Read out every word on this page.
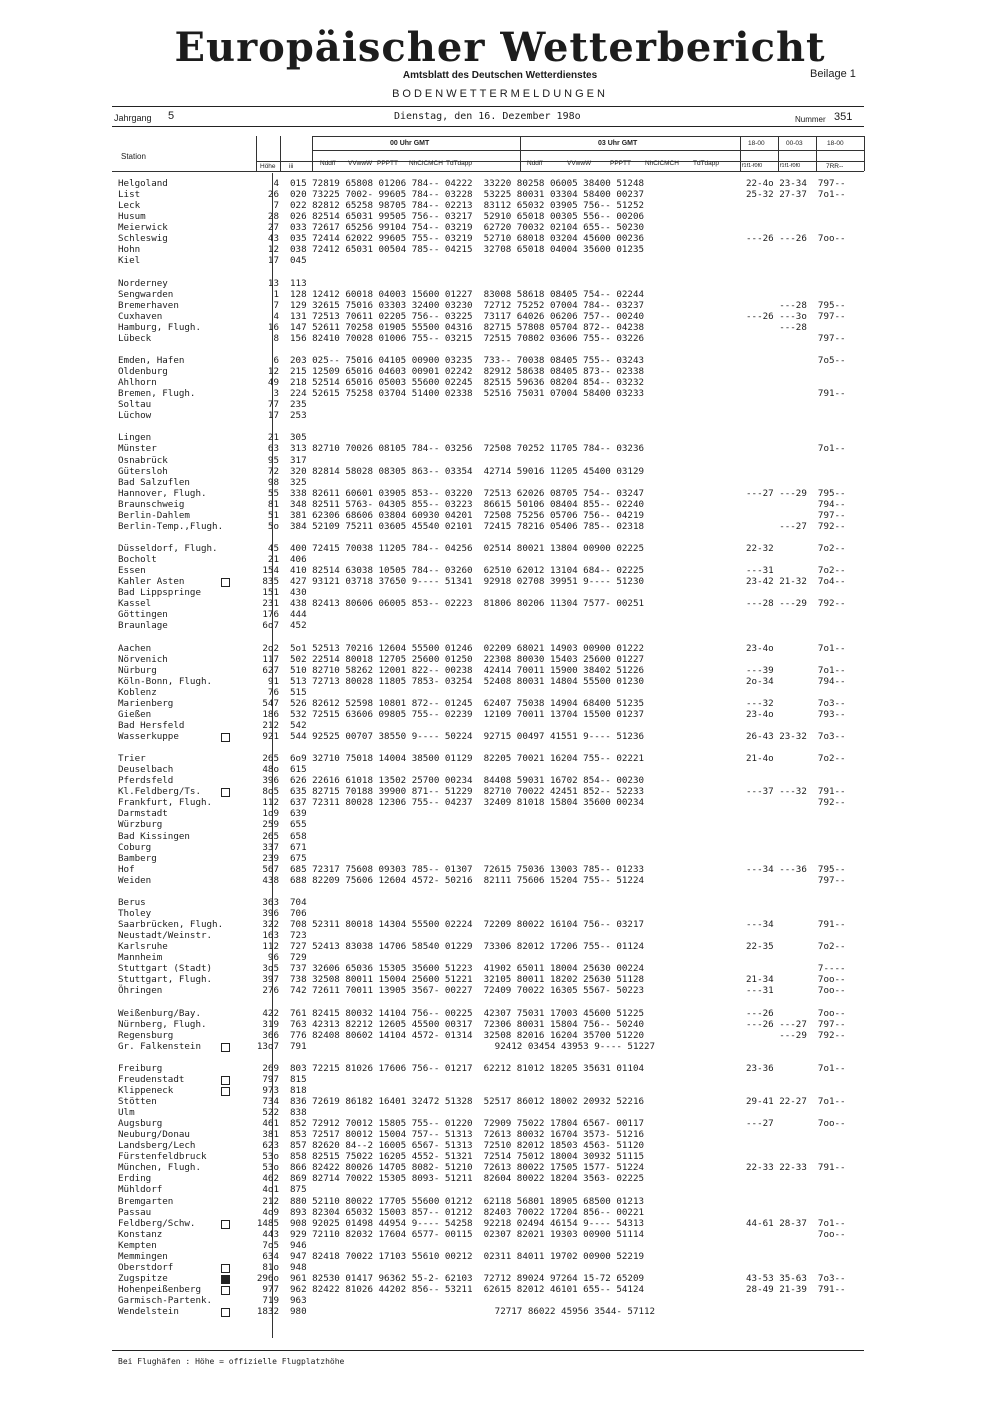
Europäischer Wetterbericht
Amtsblatt des Deutschen Wetterdienstes	Beilage 1
BODENWETTERMELDUNGEN
Jahrgang 5	Dienstag, den 16. Dezember 198o	Nummer 351
Station
Höhe iii
00 Uhr GMT	03 Uhr GMT
Nddff VVwwW PPPTT NhClCMCH TdTdapp	Nddff	VVwwW	PPPTT NhClCMCH TdTdapp
18-00	00-03	18-00
f1f1-f0f0	f1f1-f0f0	7RR--
Helgoland	4 015 72819 65808 01206 784-- 04222  33220 80258 06005 38400 51248	22-4o 23-34  797--
List	26 020 73225 7002- 99605 784-- 03228  53225 80031 03304 58400 00237	25-32 27-37  7o1--
Leck	7 022 82812 65258 98705 784-- 02213  83112 65032 03905 756-- 51252
Husum	28 026 82514 65031 99505 756-- 03217  52910 65018 00305 556-- 00206
Meierwick	27 033 72617 65256 99104 754-- 03219  62720 70032 02104 655-- 50230
Schleswig	43 035 72414 62022 99605 755-- 03219  52710 68018 03204 45600 00236	---26 ---26  7oo--
Hohn	12 038 72412 65031 00504 785-- 04215  32708 65018 04004 35600 01235
Kiel	17 045
Norderney	13 113
Sengwarden	1 128 12412 60018 04003 15600 01227  83008 58618 08405 754-- 02244
Bremerhaven	7 129 32615 75016 03303 32400 03230  72712 75252 07004 784-- 03237	---28  795--
Cuxhaven	4 131 72513 70611 02205 756-- 03225  73117 64026 06206 757-- 00240	---26 ---3o  797--
Hamburg, Flugh.	16 147 52611 70258 01905 55500 04316  82715 57808 05704 872-- 04238	---28
Lübeck	8 156 82410 70028 01006 755-- 03215  72515 70802 03606 755-- 03226	797--
Emden, Hafen	6 203 025-- 75016 04105 00900 03235  733-- 70038 08405 755-- 03243	7o5--
Oldenburg	12 215 12509 65016 04603 00901 02242  82912 58638 08405 873-- 02338
Ahlhorn	49 218 52514 65016 05003 55600 02245  82515 59636 08204 854-- 03232
Bremen, Flugh.	3 224 52615 75258 03704 51400 02338  52516 75031 07004 58400 03233	791--
Soltau	77 235
Lüchow	17 253
Lingen	21 305
Münster	63 313 82710 70026 08105 784-- 03256  72508 70252 11705 784-- 03236	7o1--
Osnabrück	95 317
Gütersloh	72 320 82814 58028 08305 863-- 03354  42714 59016 11205 45400 03129
Bad Salzuflen	98 325
Hannover, Flugh.	55 338 82611 60601 03905 853-- 03220  72513 62026 08705 754-- 03247	---27 ---29  795--
Braunschweig	81 348 82511 5763- 04305 855-- 03223  86615 50106 08404 855-- 02240	794--
Berlin-Dahlem	51 381 62306 68606 03804 60930 04201  72508 75256 05706 756-- 04219	797--
Berlin-Temp.,Flugh.	5o 384 52109 75211 03605 45540 02101  72415 78216 05406 785-- 02318	---27  792--
Düsseldorf, Flugh.	45 400 72415 70038 11205 784-- 04256  02514 80021 13804 00900 02225	22-32        7o2--
Bocholt	21 406
Essen	154 410 82514 63038 10505 784-- 03260  62510 62012 13104 684-- 02225	---31        7o2--
Kahler Asten	835 427 93121 03718 37650 9---- 51341  92918 02708 39951 9---- 51230	23-42 21-32  7o4--
Bad Lippspringe	151 430
Kassel	231 438 82413 80606 06005 853-- 02223  81806 80206 11304 7577- 00251	---28 ---29  792--
Göttingen	176 444
Braunlage	6o7 452
Aachen	2o2 5o1 52513 70216 12604 55500 01246  02209 68021 14903 00900 01222	23-4o        7o1--
Nörvenich	117 502 22514 80018 12705 25600 01250  22308 80030 15403 25600 01227
Nürburg	627 510 82710 58262 12001 822-- 00238  42414 70011 15900 38402 51226	---39        7o1--
Köln-Bonn, Flugh.	91 513 72713 80028 11805 7853- 03254  52408 80031 14804 55500 01230	2o-34        794--
Koblenz	76 515
Marienberg	547 526 82612 52598 10801 872-- 01245  62407 75038 14904 68400 51235	---32        7o3--
Gießen	186 532 72515 63606 09805 755-- 02239  12109 70011 13704 15500 01237	23-4o        793--
Bad Hersfeld	212 542
Wasserkuppe	921 544 92525 00707 38550 9---- 50224  92715 00497 41551 9---- 51236	26-43 23-32  7o3--
Trier	265 6o9 32710 75018 14004 38500 01129  82205 70021 16204 755-- 02221	21-4o        7o2--
Deuselbach	48o 615
Pferdsfeld	396 626 22616 61018 13502 25700 00234  84408 59031 16702 854-- 00230
Kl.Feldberg/Ts.	8o5 635 82715 70188 39900 871-- 51229  82710 70022 42451 852-- 52233	---37 ---32  791--
Frankfurt, Flugh.	112 637 72311 80028 12306 755-- 04237  32409 81018 15804 35600 00234	792--
Darmstadt	1o9 639
Würzburg	259 655
Bad Kissingen	265 658
Coburg	337 671
Bamberg	239 675
Hof	567 685 72317 75608 09303 785-- 01307  72615 75036 13003 785-- 01233	---34 ---36  795--
Weiden	438 688 82209 75606 12604 4572- 50216  82111 75606 15204 755-- 51224	797--
Berus	363 704
Tholey	396 706
Saarbrücken, Flugh.	322 708 52311 80018 14304 55500 02224  72209 80022 16104 756-- 03217	---34        791--
Neustadt/Weinstr.	163 723
Karlsruhe	112 727 52413 83038 14706 58540 01229  73306 82012 17206 755-- 01124	22-35        7o2--
Mannheim	96 729
Stuttgart (Stadt)	3o5 737 32606 65036 15305 35600 51223  41902 65011 18004 25630 00224	7----
Stuttgart, Flugh.	397 738 32508 80011 15004 25600 51221  32105 80011 18202 25630 51128	21-34        7oo--
Öhringen	276 742 72611 70011 13905 3567- 00227  72409 70022 16305 5567- 50223	---31        7oo--
Weißenburg/Bay.	422 761 82415 80032 14104 756-- 00225  42307 75031 17003 45600 51225	---26        7oo--
Nürnberg, Flugh.	319 763 42313 82212 12605 45500 00317  72306 80031 15804 756-- 50240	---26 ---27  797--
Regensburg	366 776 82408 80602 14104 4572- 01314  32508 82016 16204 35700 51220	---29  792--
Gr. Falkenstein	13o7 791                                  92412 03454 43953 9---- 51227
Freiburg	269 803 72215 81026 17606 756-- 01217  62212 81012 18205 35631 01104	23-36        7o1--
Freudenstadt	797 815
Klippeneck	973 818
Stötten	734 836 72619 86182 16401 32472 51328  52517 86012 18002 20932 52216	29-41 22-27  7o1--
Ulm	522 838
Augsburg	461 852 72912 70012 15805 755-- 01220  72909 75022 17804 6567- 00117	---27        7oo--
Neuburg/Donau	381 853 72517 80012 15004 757-- 51313  72613 80032 16704 3573- 51216
Landsberg/Lech	623 857 82620 84--2 16005 6567- 51313  72510 82012 18503 4563- 51120
Fürstenfeldbruck	53o 858 82515 75022 16205 4552- 51321  72514 75012 18004 30932 51115
München, Flugh.	53o 866 82422 80026 14705 8082- 51210  72613 80022 17505 1577- 51224	22-33 22-33  791--
Erding	462 869 82714 70022 15305 8093- 51211  82604 80022 18204 3563- 02225
Mühldorf	4o1 875
Bremgarten	212 880 52110 80022 17705 55600 01212  62118 56801 18905 68500 01213
Passau	4o9 893 82304 65032 15003 857-- 01212  82403 70022 17204 856-- 00221
Feldberg/Schw.	1485 908 92025 01498 44954 9---- 54258  92218 02494 46154 9---- 54313	44-61 28-37  7o1--
Konstanz	443 929 72110 82032 17604 6577- 00115  02307 82021 19303 00900 51114	7oo--
Kempten	7o5 946
Memmingen	634 947 82418 70022 17103 55610 00212  02311 84011 19702 00900 52219
Oberstdorf	81o 948
Zugspitze	296o 961 82530 01417 96362 55-2- 62103  72712 89024 97264 15-72 65209	43-53 35-63  7o3--
Hohenpeißenberg	977 962 82422 81026 44202 856-- 53211  62615 82012 46101 655-- 54124	28-49 21-39  791--
Garmisch-Partenk.	719 963
Wendelstein	1832 980                                  72717 86022 45956 3544- 57112
Bei Flughäfen : Höhe = offizielle Flugplatzhöhe
